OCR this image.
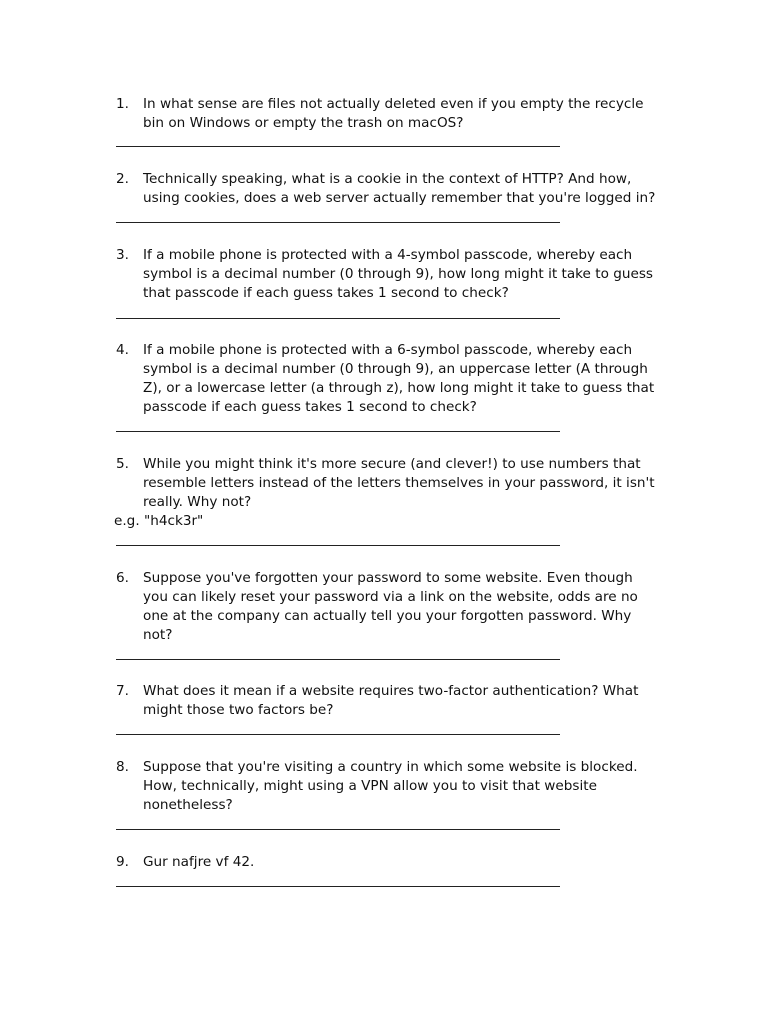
1. In what sense are files not actually deleted even if you empty the recycle
bin on Windows or empty the trash on macOS?
2. Technically speaking, what is a cookie in the context of HTTP? And how,
using cookies, does a web server actually remember that you're logged in?
3. If a mobile phone is protected with a 4-symbol passcode, whereby each
symbol is a decimal number (0 through 9), how long might it take to guess
that passcode if each guess takes 1 second to check?
4. If a mobile phone is protected with a 6-symbol passcode, whereby each
symbol is a decimal number (0 through 9), an uppercase letter (A through
Z), or a lowercase letter (a through z), how long might it take to guess that
passcode if each guess takes 1 second to check?
5. While you might think it's more secure (and clever!) to use numbers that
resemble letters instead of the letters themselves in your password, it isn't
really. Why not?
e.g. "h4ck3r"
6. Suppose you've forgotten your password to some website. Even though
you can likely reset your password via a link on the website, odds are no
one at the company can actually tell you your forgotten password. Why
not?
7. What does it mean if a website requires two-factor authentication? What
might those two factors be?
8. Suppose that you're visiting a country in which some website is blocked.
How, technically, might using a VPN allow you to visit that website
nonetheless?
9. Gur nafjre vf 42.
